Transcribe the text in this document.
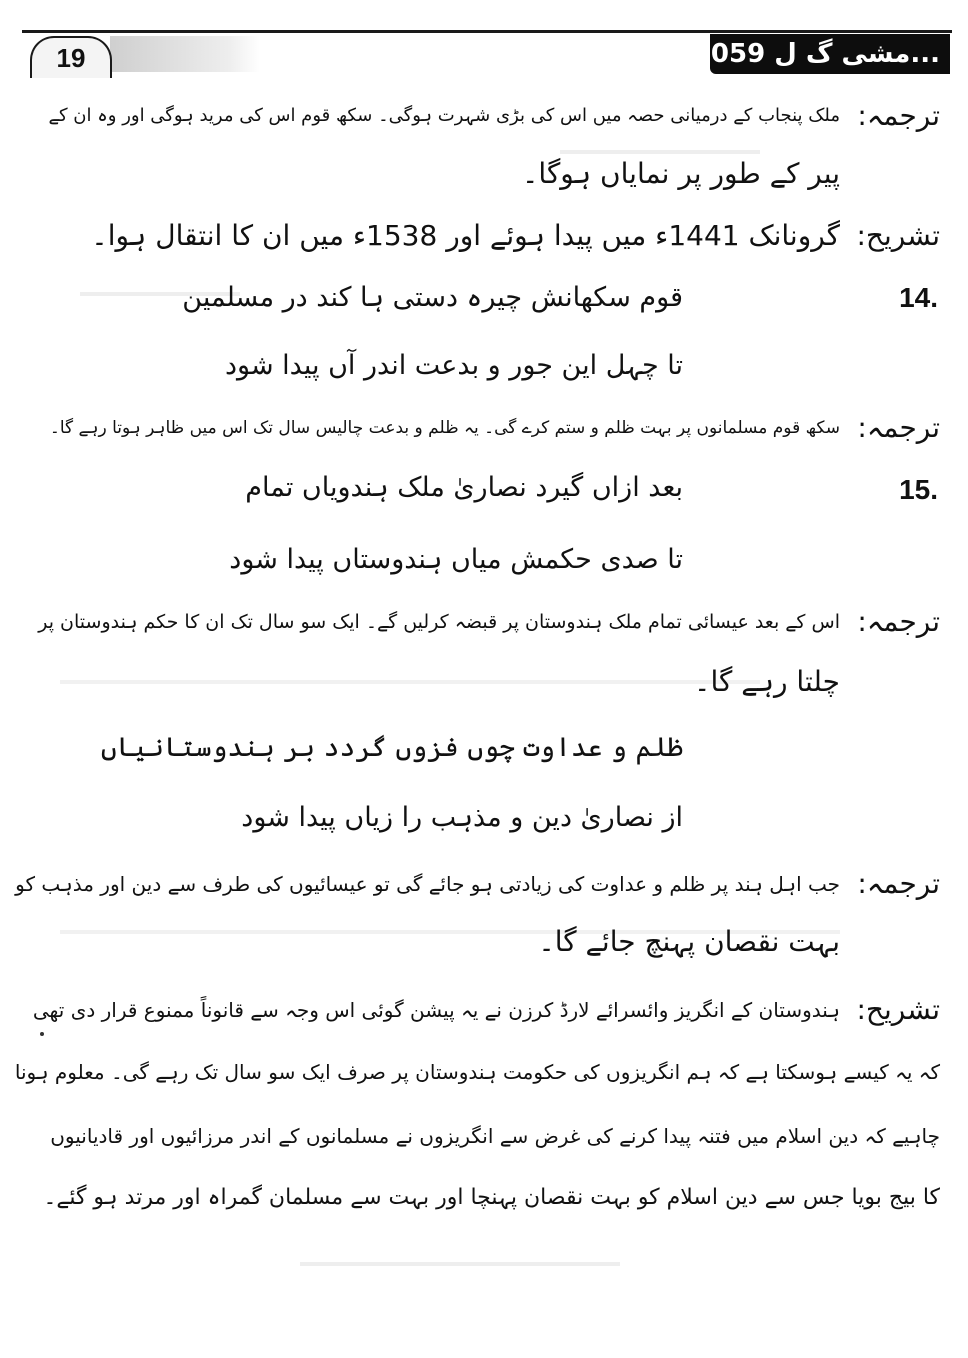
19	...مشی گ ل 059
ترجمہ:
ملک پنجاب کے درمیانی حصہ میں اس کی بڑی شہرت ہوگی۔ سکھ قوم اس کی مرید ہوگی اور وہ ان کے
پیر کے طور پر نمایاں ہوگا۔
تشریح:
گرونانک 1441ء میں پیدا ہوئے اور 1538ء میں ان کا انتقال ہوا۔
14.
قوم سکھانش چیرہ دستی ہا کند در مسلمین
تا چہل این جور و بدعت اندر آں پیدا شود
ترجمہ:
سکھ قوم مسلمانوں پر بہت ظلم و ستم کرے گی۔ یہ ظلم و بدعت چالیس سال تک اس میں ظاہر ہوتا رہے گا۔
15.
بعد ازاں گیرد نصاریٰ ملک ہندویاں تمام
تا صدی حکمش میاں ہندوستاں پیدا شود
ترجمہ:
اس کے بعد عیسائی تمام ملک ہندوستان پر قبضہ کرلیں گے۔ ایک سو سال تک ان کا حکم ہندوستان پر
چلتا رہے گا۔
ظلم و عداوت چوں فزوں گردد بر ہندوستانیاں
از نصاریٰ دین و مذہب را زیاں پیدا شود
ترجمہ:
جب اہل ہند پر ظلم و عداوت کی زیادتی ہو جائے گی تو عیسائیوں کی طرف سے دین اور مذہب کو
بہت نقصان پہنچ جائے گا۔
تشریح:
ہندوستان کے انگریز وائسرائے لارڈ کرزن نے یہ پیشن گوئی اس وجہ سے قانوناً ممنوع قرار دی تھی
کہ یہ کیسے ہوسکتا ہے کہ ہم انگریزوں کی حکومت ہندوستان پر صرف ایک سو سال تک رہے گی۔ معلوم ہونا
چاہیے کہ دین اسلام میں فتنہ پیدا کرنے کی غرض سے انگریزوں نے مسلمانوں کے اندر مرزائیوں اور قادیانیوں
کا بیج بویا جس سے دین اسلام کو بہت نقصان پہنچا اور بہت سے مسلمان گمراہ اور مرتد ہو گئے۔
